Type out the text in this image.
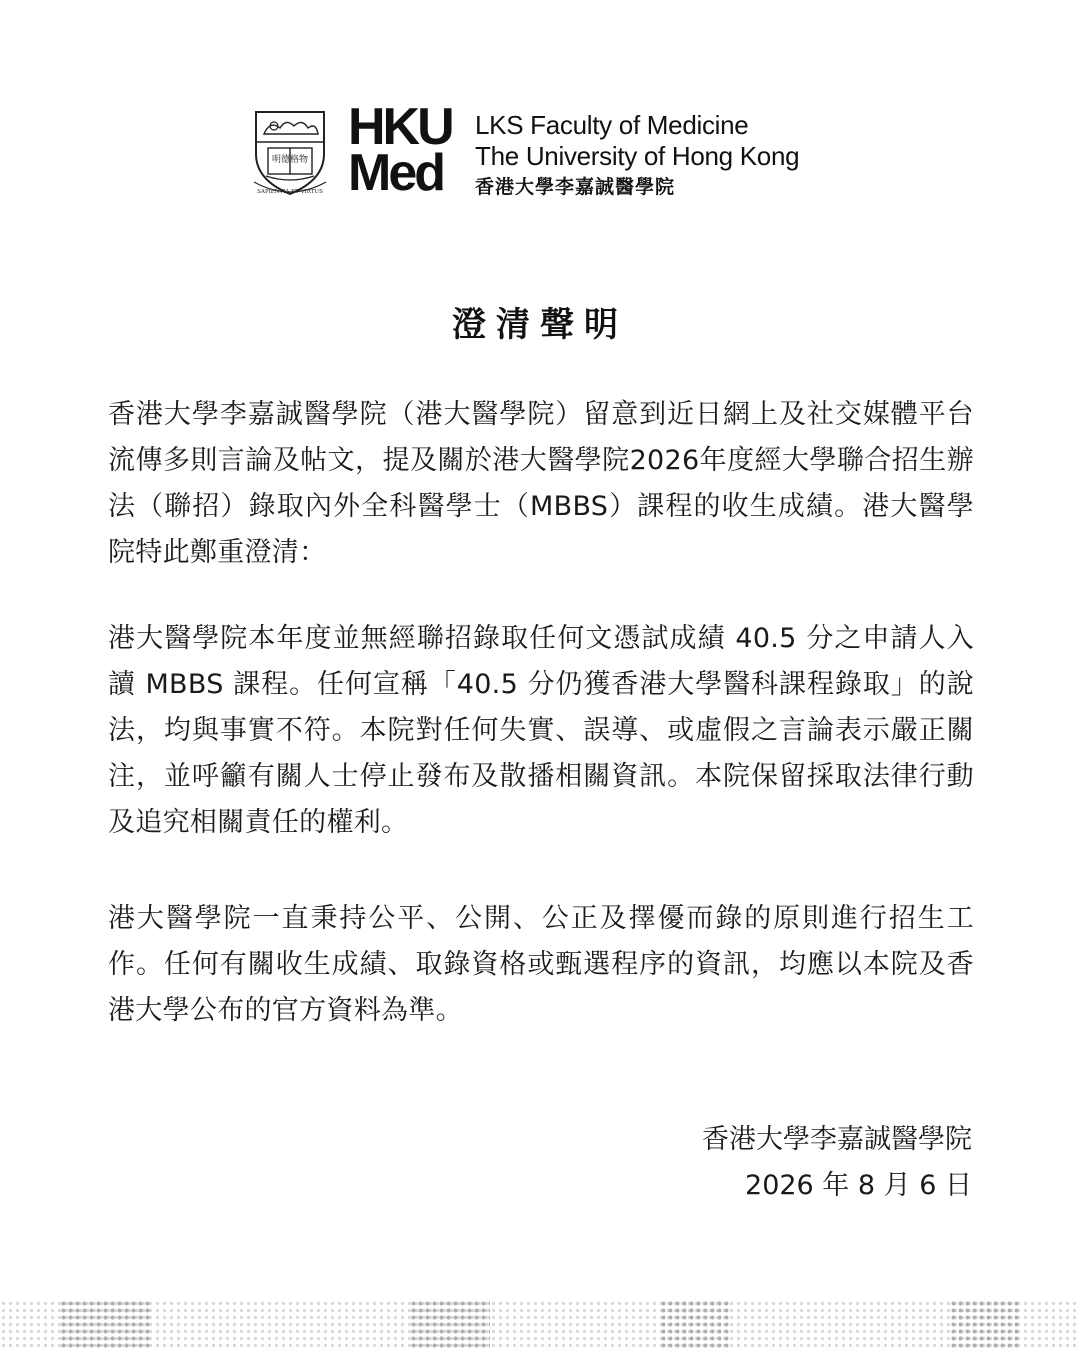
明德格物
SAPIENTIA ET VIRTUS
HKU
Med
LKS Faculty of Medicine
The University of Hong Kong
香港大學李嘉誠醫學院
澄清聲明

香港大學李嘉誠醫學院（港大醫學院）留意到近日網上及社交媒體平台流傳多則言論及帖文，提及關於港大醫學院2026年度經大學聯合招生辦法（聯招）錄取內外全科醫學士（MBBS）課程的收生成績。港大醫學院特此鄭重澄清：

港大醫學院本年度並無經聯招錄取任何文憑試成績 40.5 分之申請人入讀 MBBS 課程。任何宣稱「40.5 分仍獲香港大學醫科課程錄取」的說法，均與事實不符。本院對任何失實、誤導、或虛假之言論表示嚴正關注，並呼籲有關人士停止發布及散播相關資訊。本院保留採取法律行動及追究相關責任的權利。

港大醫學院一直秉持公平、公開、公正及擇優而錄的原則進行招生工作。任何有關收生成績、取錄資格或甄選程序的資訊，均應以本院及香港大學公布的官方資料為準。

香港大學李嘉誠醫學院
2026 年 8 月 6 日
